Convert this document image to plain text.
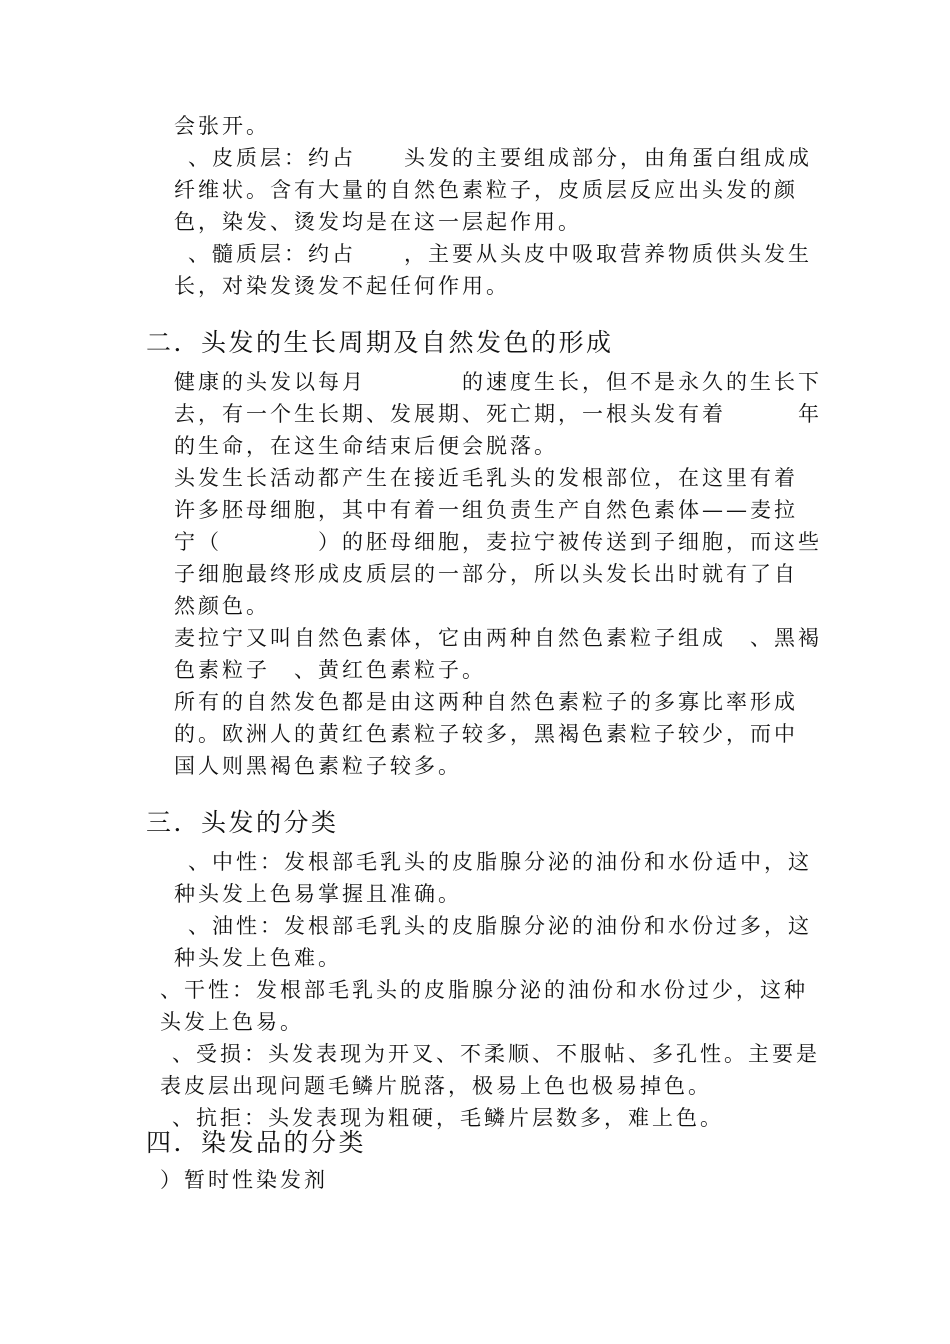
会张开。
、皮质层：约占　　头发的主要组成部分，由角蛋白组成成
纤维状。含有大量的自然色素粒子，皮质层反应出头发的颜
色，染发、烫发均是在这一层起作用。
、髓质层：约占　　，主要从头皮中吸取营养物质供头发生
长，对染发烫发不起任何作用。
二．头发的生长周期及自然发色的形成
健康的头发以每月　　　　的速度生长，但不是永久的生长下
去，有一个生长期、发展期、死亡期，一根头发有着　　　年
的生命，在这生命结束后便会脱落。
头发生长活动都产生在接近毛乳头的发根部位，在这里有着
许多胚母细胞，其中有着一组负责生产自然色素体——麦拉
宁（　　　　）的胚母细胞，麦拉宁被传送到子细胞，而这些
子细胞最终形成皮质层的一部分，所以头发长出时就有了自
然颜色。
麦拉宁又叫自然色素体，它由两种自然色素粒子组成　、黑褐
色素粒子　、黄红色素粒子。
所有的自然发色都是由这两种自然色素粒子的多寡比率形成
的。欧洲人的黄红色素粒子较多，黑褐色素粒子较少，而中
国人则黑褐色素粒子较多。
三．头发的分类
、中性：发根部毛乳头的皮脂腺分泌的油份和水份适中，这
种头发上色易掌握且准确。
、油性：发根部毛乳头的皮脂腺分泌的油份和水份过多，这
种头发上色难。
、干性：发根部毛乳头的皮脂腺分泌的油份和水份过少，这种
头发上色易。
、受损：头发表现为开叉、不柔顺、不服帖、多孔性。主要是
表皮层出现问题毛鳞片脱落，极易上色也极易掉色。
、抗拒：头发表现为粗硬，毛鳞片层数多，难上色。
四．染发品的分类
）暂时性染发剂
